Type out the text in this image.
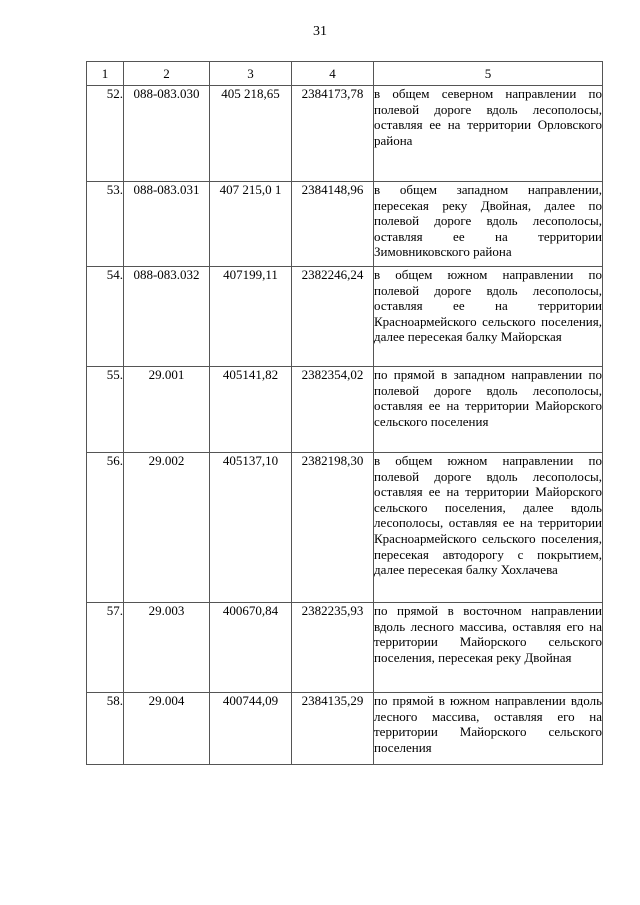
31
1	2	3	4	5
52.	088-083.030	405 218,65	2384173,78	в общем северном направлении по полевой дороге вдоль лесополосы, оставляя ее на территории Орловского района
53.	088-083.031	407 215,0 1	2384148,96	в общем западном направлении, пересекая реку Двойная, далее по полевой дороге вдоль лесополосы, оставляя ее на территории Зимовниковского района
54.	088-083.032	407199,11	2382246,24	в общем южном направлении по полевой дороге вдоль лесополосы, оставляя ее на территории Красноармейского сельского поселения, далее пересекая балку Майорская
55.	29.001	405141,82	2382354,02	по прямой в западном направлении по полевой дороге вдоль лесополосы, оставляя ее на территории Майорского сельского поселения
56.	29.002	405137,10	2382198,30	в общем южном направлении по полевой дороге вдоль лесополосы, оставляя ее на территории Майорского сельского поселения, далее вдоль лесополосы, оставляя ее на территории Красноармейского сельского поселения, пересекая автодорогу с покрытием, далее пересекая балку Хохлачева
57.	29.003	400670,84	2382235,93	по прямой в восточном направлении вдоль лесного массива, оставляя его на территории Майорского сельского поселения, пересекая реку Двойная
58.	29.004	400744,09	2384135,29	по прямой в южном направлении вдоль лесного массива, оставляя его на территории Майорского сельского поселения
